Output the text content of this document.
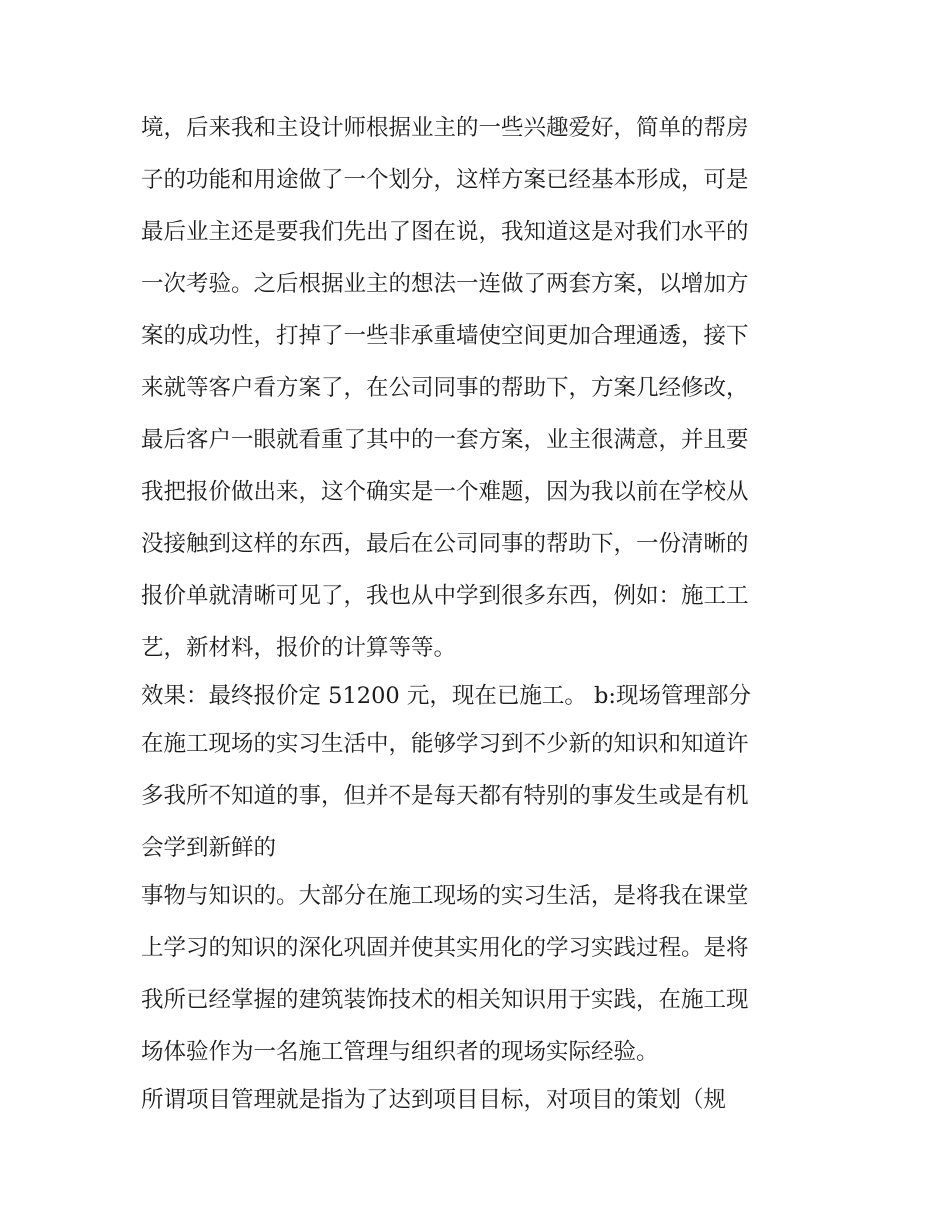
境，后来我和主设计师根据业主的一些兴趣爱好，简单的帮房
子的功能和用途做了一个划分，这样方案已经基本形成，可是
最后业主还是要我们先出了图在说，我知道这是对我们水平的
一次考验。之后根据业主的想法一连做了两套方案，以增加方
案的成功性，打掉了一些非承重墙使空间更加合理通透，接下
来就等客户看方案了，在公司同事的帮助下，方案几经修改，
最后客户一眼就看重了其中的一套方案，业主很满意，并且要
我把报价做出来，这个确实是一个难题，因为我以前在学校从
没接触到这样的东西，最后在公司同事的帮助下，一份清晰的
报价单就清晰可见了，我也从中学到很多东西，例如：施工工
艺，新材料，报价的计算等等。
效果：最终报价定 51200 元，现在已施工。 b:现场管理部分
在施工现场的实习生活中，能够学习到不少新的知识和知道许
多我所不知道的事，但并不是每天都有特别的事发生或是有机
会学到新鲜的
事物与知识的。大部分在施工现场的实习生活，是将我在课堂
上学习的知识的深化巩固并使其实用化的学习实践过程。是将
我所已经掌握的建筑装饰技术的相关知识用于实践，在施工现
场体验作为一名施工管理与组织者的现场实际经验。
所谓项目管理就是指为了达到项目目标，对项目的策划（规
